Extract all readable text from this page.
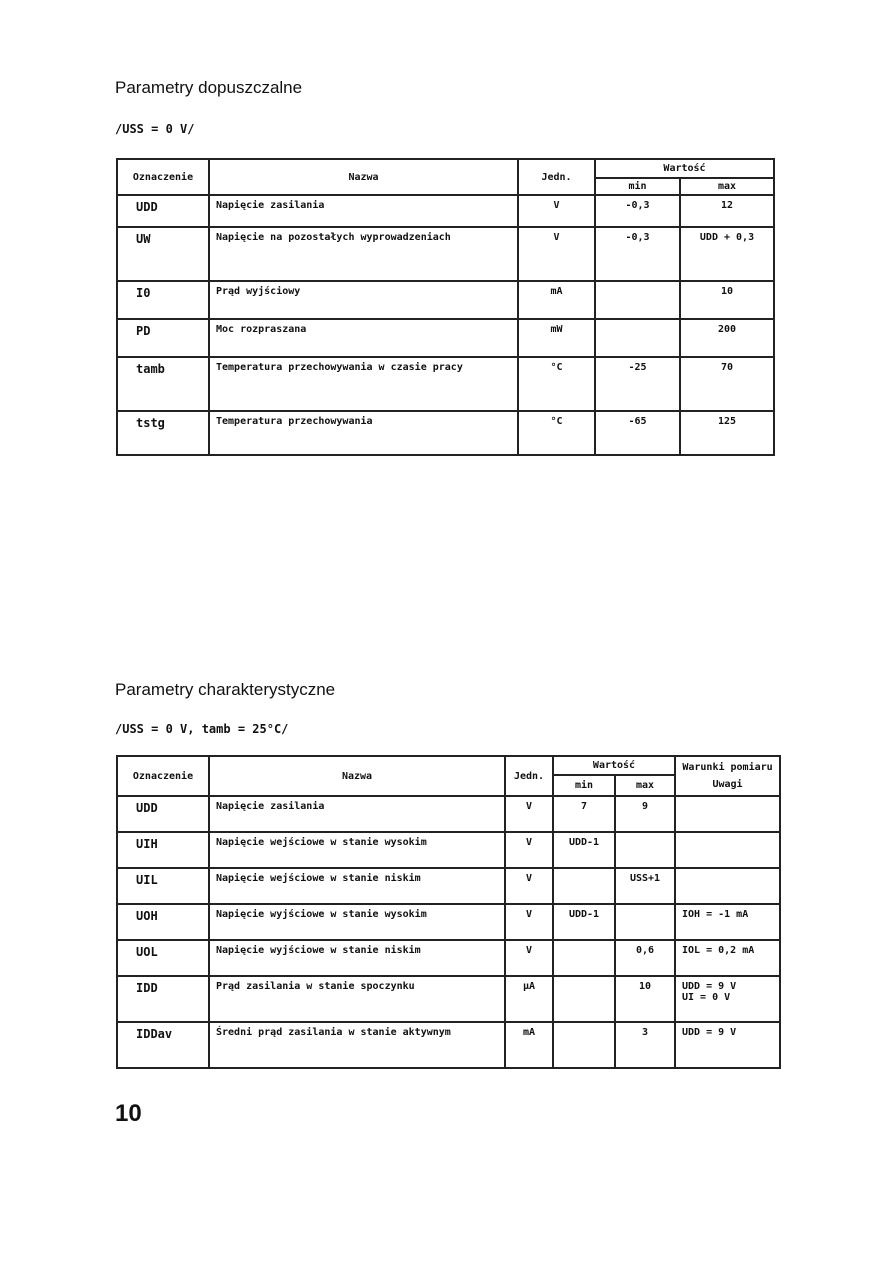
Parametry dopuszczalne
/USS = 0 V/
Oznaczenie	Nazwa	Jedn.	Wartość	
			min	max
UDD	Napięcie zasilania	V	-0,3	12
UW	Napięcie na pozostałych wyprowadzeniach	V	-0,3	UDD + 0,3
I0	Prąd wyjściowy	mA		10
PD	Moc rozpraszana	mW		200
tamb	Temperatura przechowywania w czasie pracy	°C	-25	70
tstg	Temperatura przechowywania	°C	-65	125
Parametry charakterystyczne
/USS = 0 V, tamb = 25°C/
Oznaczenie	Nazwa	Jedn.	Wartość		Warunki pomiaru
Uwagi

			min	max	
UDD	Napięcie zasilania	V	7	9	

UIH	Napięcie wejściowe w stanie wysokim	V	UDD-1		

UIL	Napięcie wejściowe w stanie niskim	V		USS+1	

UOH	Napięcie wyjściowe w stanie wysokim	V	UDD-1		IOH = -1 mA

UOL	Napięcie wyjściowe w stanie niskim	V		0,6	IOL = 0,2 mA

IDD	Prąd zasilania w stanie spoczynku	μA		10	UDD = 9 V
UI = 0 V

IDDav	Średni prąd zasilania w stanie aktywnym	mA		3	UDD = 9 V
10
